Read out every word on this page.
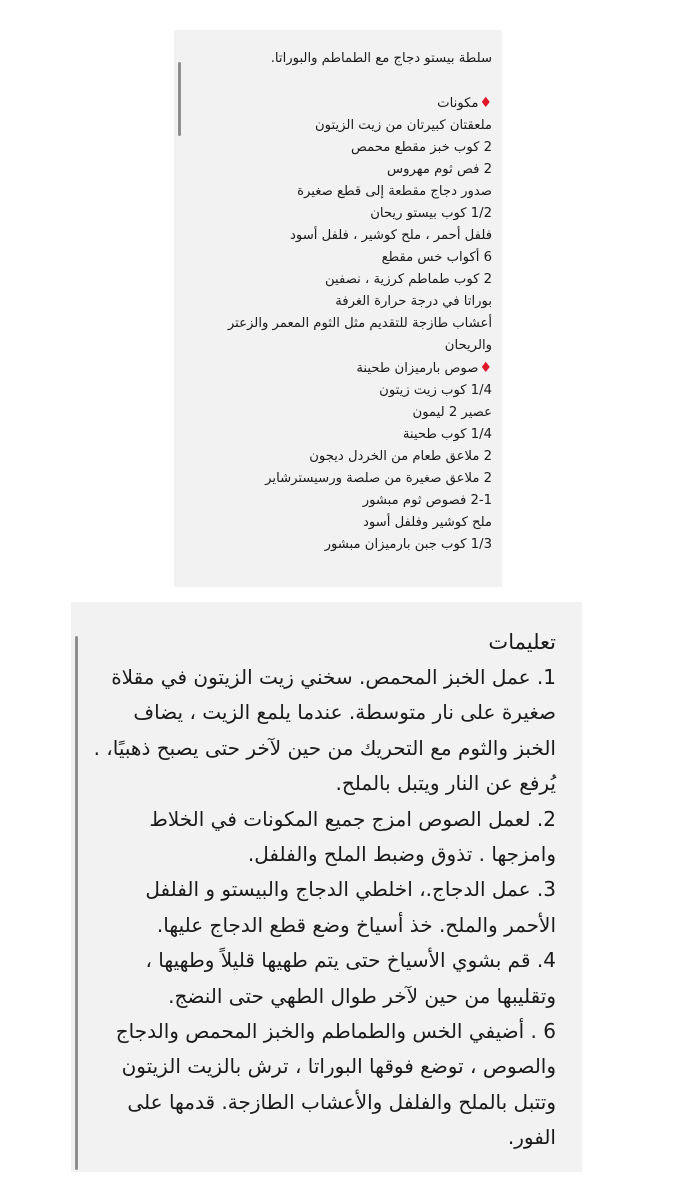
سلطة بيستو دجاج مع الطماطم والبوراتا.
♦مكونات
ملعقتان كبيرتان من زيت الزيتون
2 كوب خبز مقطع محمص
2 فص ثوم مهروس
صدور دجاج مقطعة إلى قطع صغيرة
1/2 كوب بيستو ريحان
فلفل أحمر ، ملح كوشير ، فلفل أسود
6 أكواب خس مقطع
2 كوب طماطم كرزية ، نصفين
بوراتا في درجة حرارة الغرفة
أعشاب طازجة للتقديم مثل الثوم المعمر والزعتر والريحان
♦صوص بارميزان طحينة
1/4 كوب زيت زيتون
عصير 2 ليمون
1/4 كوب طحينة
2 ملاعق طعام من الخردل ديجون
2 ملاعق صغيرة من صلصة ورسيسترشاير
2-1 فصوص ثوم مبشور
ملح كوشير وفلفل أسود
1/3 كوب جبن بارميزان مبشور
تعليمات
1. عمل الخبز المحمص. سخني زيت الزيتون في مقلاة صغيرة على نار متوسطة. عندما يلمع الزيت ، يضاف الخبز والثوم مع التحريك من حين لآخر حتى يصبح ذهبيًا، . يُرفع عن النار ويتبل بالملح.
2. لعمل الصوص امزج جميع المكونات في الخلاط وامزجها . تذوق وضبط الملح والفلفل.
3. عمل الدجاج.، اخلطي الدجاج والبيستو و الفلفل الأحمر والملح. خذ أسياخ وضع قطع الدجاج عليها.
4. قم بشوي الأسياخ حتى يتم طهيها قليلاً وطهيها ، وتقليبها من حين لآخر طوال الطهي حتى النضج.
6 . أضيفي الخس والطماطم والخبز المحمص والدجاج والصوص ، توضع فوقها البوراتا ، ترش بالزيت الزيتون وتتبل بالملح والفلفل والأعشاب الطازجة. قدمها على الفور.
